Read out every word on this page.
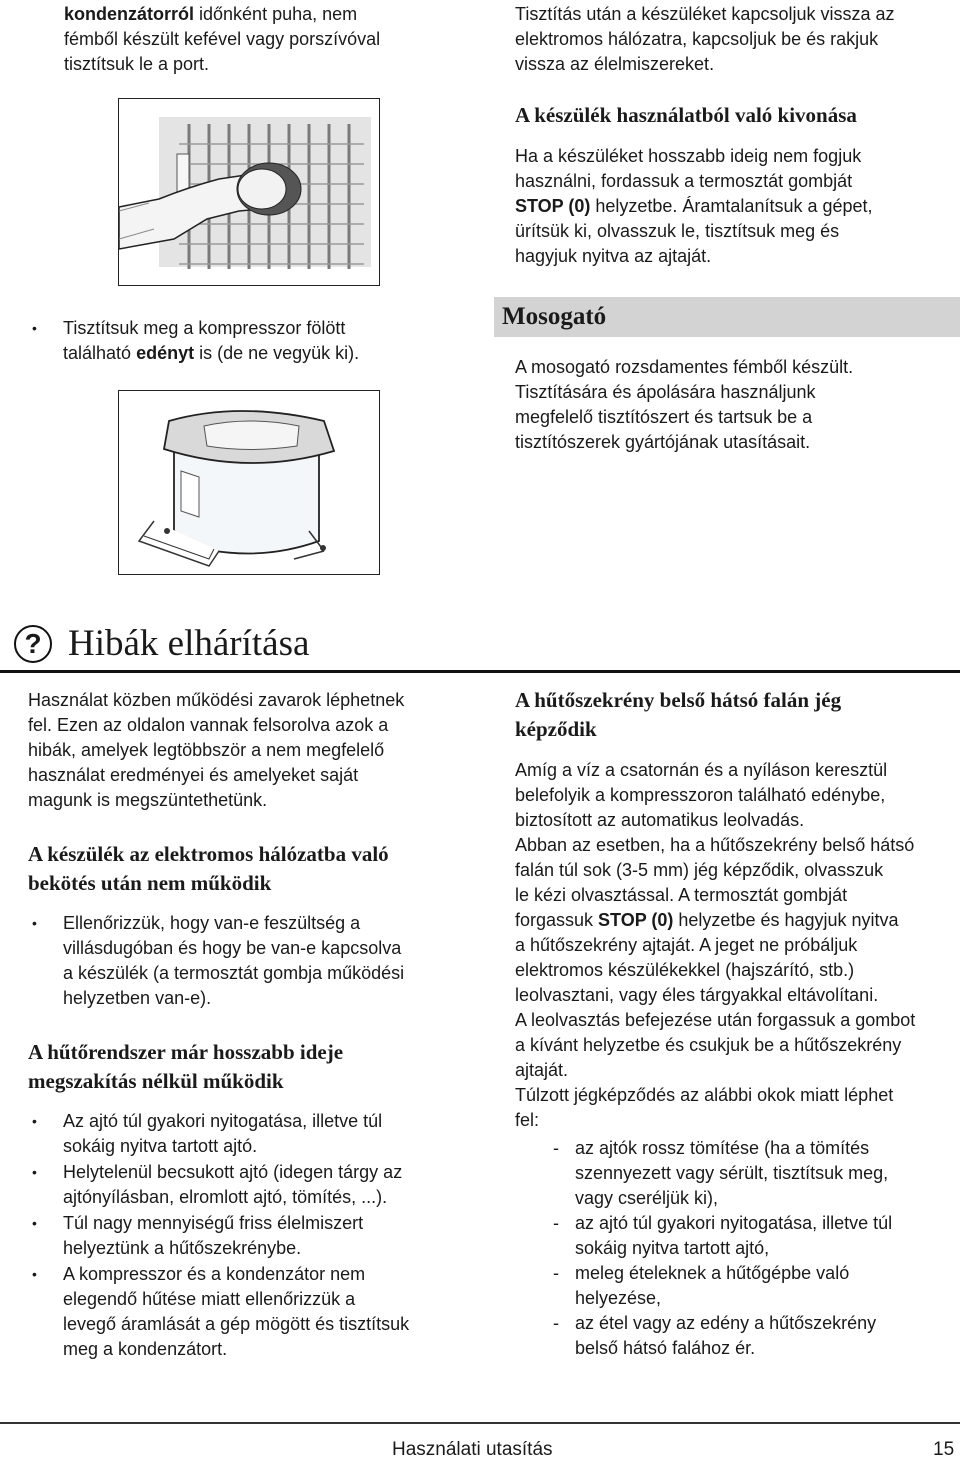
kondenzátorról időnként puha, nem
fémből készült kefével vagy porszívóval
tisztítsuk le a port.
Tisztítás után a készüléket kapcsoljuk vissza az
elektromos hálózatra, kapcsoljuk be és rakjuk
vissza az élelmiszereket.
A készülék használatból való kivonása
Ha a készüléket hosszabb ideig nem fogjuk
használni, fordassuk a termosztát gombját
STOP (0) helyzetbe. Áramtalanítsuk a gépet,
ürítsük ki, olvasszuk le, tisztítsuk meg és
hagyjuk nyitva az ajtaját.
• Tisztítsuk meg a kompresszor fölött
található edényt is (de ne vegyük ki).
Mosogató
A mosogató rozsdamentes fémből készült.
Tisztítására és ápolására használjunk
megfelelő tisztítószert és tartsuk be a
tisztítószerek gyártójának utasításait.
? Hibák elhárítása
Használat közben működési zavarok léphetnek
fel. Ezen az oldalon vannak felsorolva azok a
hibák, amelyek legtöbbször a nem megfelelő
használat eredményei és amelyeket saját
magunk is megszüntethetünk.
A készülék az elektromos hálózatba való
bekötés után nem működik
• Ellenőrizzük, hogy van-e feszültség a
villásdugóban és hogy be van-e kapcsolva
a készülék (a termosztát gombja működési
helyzetben van-e).
A hűtőrendszer már hosszabb ideje
megszakítás nélkül működik
• Az ajtó túl gyakori nyitogatása, illetve túl
sokáig nyitva tartott ajtó.
• Helytelenül becsukott ajtó (idegen tárgy az
ajtónyílásban, elromlott ajtó, tömítés, ...).
• Túl nagy mennyiségű friss élelmiszert
helyeztünk a hűtőszekrénybe.
• A kompresszor és a kondenzátor nem
elegendő hűtése miatt ellenőrizzük a
levegő áramlását a gép mögött és tisztítsuk
meg a kondenzátort.
A hűtőszekrény belső hátsó falán jég
képződik
Amíg a víz a csatornán és a nyíláson keresztül
belefolyik a kompresszoron található edénybe,
biztosított az automatikus leolvadás.
Abban az esetben, ha a hűtőszekrény belső hátsó
falán túl sok (3-5 mm) jég képződik, olvasszuk
le kézi olvasztással. A termosztát gombját
forgassuk STOP (0) helyzetbe és hagyjuk nyitva
a hűtőszekrény ajtaját. A jeget ne próbáljuk
elektromos készülékekkel (hajszárító, stb.)
leolvasztani, vagy éles tárgyakkal eltávolítani.
A leolvasztás befejezése után forgassuk a gombot
a kívánt helyzetbe és csukjuk be a hűtőszekrény
ajtaját.
Túlzott jégképződés az alábbi okok miatt léphet
fel:
- az ajtók rossz tömítése (ha a tömítés
szennyezett vagy sérült, tisztítsuk meg,
vagy cseréljük ki),
- az ajtó túl gyakori nyitogatása, illetve túl
sokáig nyitva tartott ajtó,
- meleg ételeknek a hűtőgépbe való
helyezése,
- az étel vagy az edény a hűtőszekrény
belső hátsó falához ér.
Használati utasítás	15
